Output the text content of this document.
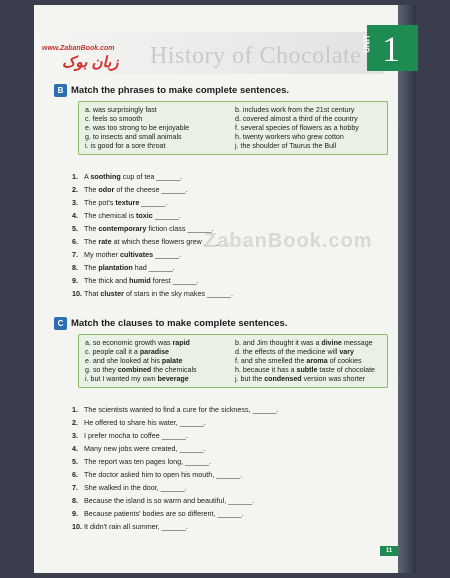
History of Chocolate
www.ZabanBook.com
زبان بوک
UNIT 1
B Match the phrases to make complete sentences.
a. was surprisingly fast	b. includes work from the 21st century
c. feels so smooth	d. covered almost a third of the country
e. was too strong to be enjoyable	f. several species of flowers as a hobby
g. to insects and small animals	h. twenty workers who grew cotton
i. is good for a sore throat	j. the shoulder of Taurus the Bull
1. A soothing cup of tea ______.
2. The odor of the cheese ______.
3. The pot's texture ______.
4. The chemical is toxic ______.
5. The contemporary fiction class ______.
6. The rate at which these flowers grew ______.
7. My mother cultivates ______.
8. The plantation had ______.
9. The thick and humid forest ______.
10. That cluster of stars in the sky makes ______.
ZabanBook.com
C Match the clauses to make complete sentences.
a. so economic growth was rapid	b. and Jim thought it was a divine message
c. people call it a paradise	d. the effects of the medicine will vary
e. and she looked at his palate	f. and she smelled the aroma of cookies
g. so they combined the chemicals	h. because it has a subtle taste of chocolate
i. but I wanted my own beverage	j. but the condensed version was shorter
1. The scientists wanted to find a cure for the sickness, ______.
2. He offered to share his water, ______.
3. I prefer mocha to coffee ______.
4. Many new jobs were created, ______.
5. The report was ten pages long, ______.
6. The doctor asked him to open his mouth, ______.
7. She walked in the door, ______.
8. Because the island is so warm and beautiful, ______.
9. Because patients' bodies are so different, ______.
10. It didn't rain all summer, ______.
11
